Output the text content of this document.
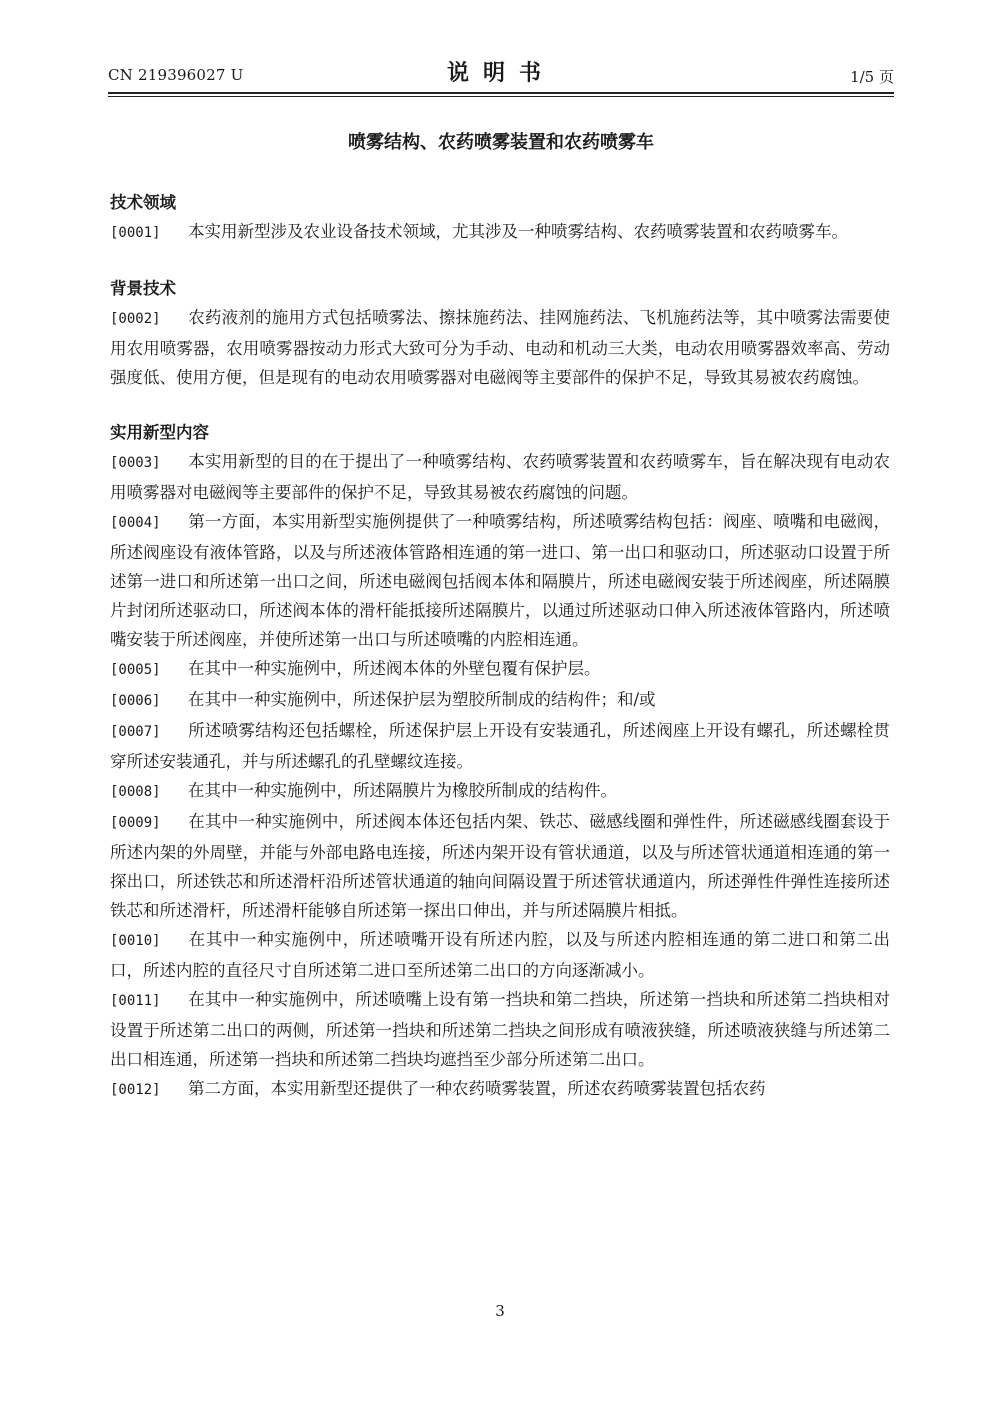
CN 219396027 U	说明书	1/5 页
喷雾结构、农药喷雾装置和农药喷雾车
技术领域

[0001] 本实用新型涉及农业设备技术领域，尤其涉及一种喷雾结构、农药喷雾装置和农药喷雾车。

背景技术

[0002] 农药液剂的施用方式包括喷雾法、擦抹施药法、挂网施药法、飞机施药法等，其中喷雾法需要使用农用喷雾器，农用喷雾器按动力形式大致可分为手动、电动和机动三大类，电动农用喷雾器效率高、劳动强度低、使用方便，但是现有的电动农用喷雾器对电磁阀等主要部件的保护不足，导致其易被农药腐蚀。

实用新型内容

[0003] 本实用新型的目的在于提出了一种喷雾结构、农药喷雾装置和农药喷雾车，旨在解决现有电动农用喷雾器对电磁阀等主要部件的保护不足，导致其易被农药腐蚀的问题。

[0004] 第一方面，本实用新型实施例提供了一种喷雾结构，所述喷雾结构包括：阀座、喷嘴和电磁阀，所述阀座设有液体管路，以及与所述液体管路相连通的第一进口、第一出口和驱动口，所述驱动口设置于所述第一进口和所述第一出口之间，所述电磁阀包括阀本体和隔膜片，所述电磁阀安装于所述阀座，所述隔膜片封闭所述驱动口，所述阀本体的滑杆能抵接所述隔膜片，以通过所述驱动口伸入所述液体管路内，所述喷嘴安装于所述阀座，并使所述第一出口与所述喷嘴的内腔相连通。

[0005] 在其中一种实施例中，所述阀本体的外壁包覆有保护层。

[0006] 在其中一种实施例中，所述保护层为塑胶所制成的结构件；和/或

[0007] 所述喷雾结构还包括螺栓，所述保护层上开设有安装通孔，所述阀座上开设有螺孔，所述螺栓贯穿所述安装通孔，并与所述螺孔的孔壁螺纹连接。

[0008] 在其中一种实施例中，所述隔膜片为橡胶所制成的结构件。

[0009] 在其中一种实施例中，所述阀本体还包括内架、铁芯、磁感线圈和弹性件，所述磁感线圈套设于所述内架的外周壁，并能与外部电路电连接，所述内架开设有管状通道，以及与所述管状通道相连通的第一探出口，所述铁芯和所述滑杆沿所述管状通道的轴向间隔设置于所述管状通道内，所述弹性件弹性连接所述铁芯和所述滑杆，所述滑杆能够自所述第一探出口伸出，并与所述隔膜片相抵。

[0010] 在其中一种实施例中，所述喷嘴开设有所述内腔，以及与所述内腔相连通的第二进口和第二出口，所述内腔的直径尺寸自所述第二进口至所述第二出口的方向逐渐减小。

[0011] 在其中一种实施例中，所述喷嘴上设有第一挡块和第二挡块，所述第一挡块和所述第二挡块相对设置于所述第二出口的两侧，所述第一挡块和所述第二挡块之间形成有喷液狭缝，所述喷液狭缝与所述第二出口相连通，所述第一挡块和所述第二挡块均遮挡至少部分所述第二出口。

[0012] 第二方面，本实用新型还提供了一种农药喷雾装置，所述农药喷雾装置包括农药

3
